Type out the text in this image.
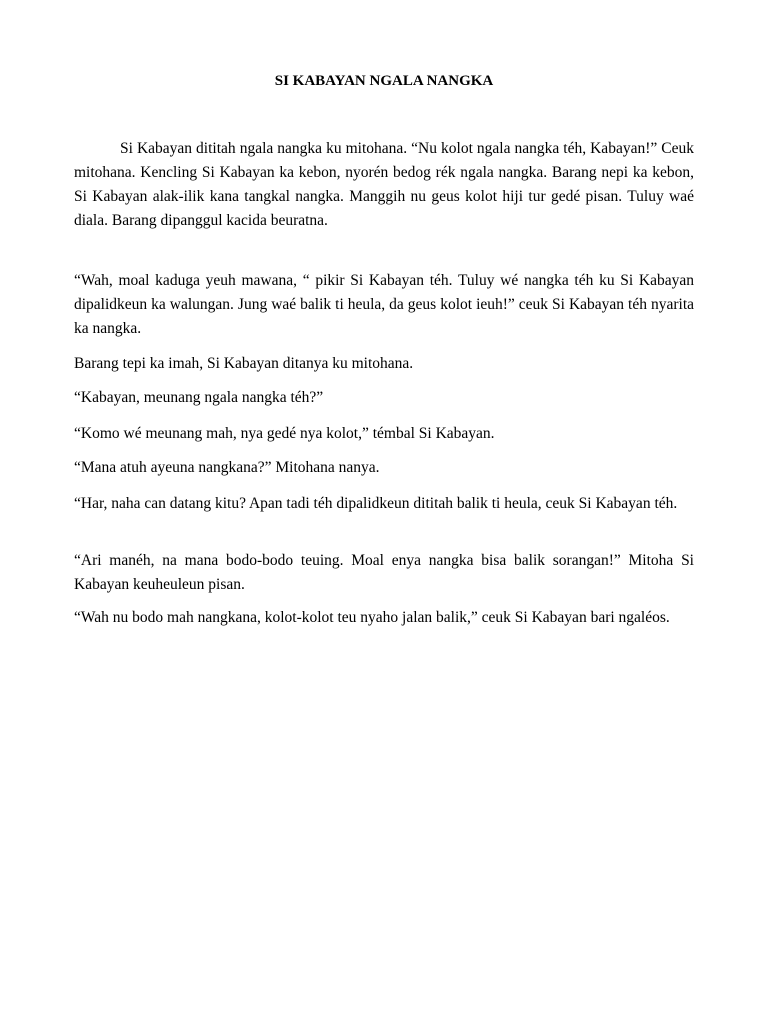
SI KABAYAN NGALA NANGKA

Si Kabayan dititah ngala nangka ku mitohana. “Nu kolot ngala nangka téh, Kabayan!” Ceuk mitohana. Kencling Si Kabayan ka kebon, nyorén bedog rék ngala nangka. Barang nepi ka kebon, Si Kabayan alak-ilik kana tangkal nangka. Manggih nu geus kolot hiji tur gedé pisan. Tuluy waé diala. Barang dipanggul kacida beuratna.

“Wah, moal kaduga yeuh mawana, “ pikir Si Kabayan téh. Tuluy wé nangka téh ku Si Kabayan dipalidkeun ka walungan. Jung waé balik ti heula, da geus kolot ieuh!” ceuk Si Kabayan téh nyarita ka nangka.

Barang tepi ka imah, Si Kabayan ditanya ku mitohana.

“Kabayan, meunang ngala nangka téh?”

“Komo wé meunang mah, nya gedé nya kolot,” témbal Si Kabayan.

“Mana atuh ayeuna nangkana?” Mitohana nanya.

“Har, naha can datang kitu? Apan tadi téh dipalidkeun dititah balik ti heula, ceuk Si Kabayan téh.

“Ari manéh, na mana bodo-bodo teuing. Moal enya nangka bisa balik sorangan!” Mitoha Si Kabayan keuheuleun pisan.

“Wah nu bodo mah nangkana, kolot-kolot teu nyaho jalan balik,” ceuk Si Kabayan bari ngaléos.
